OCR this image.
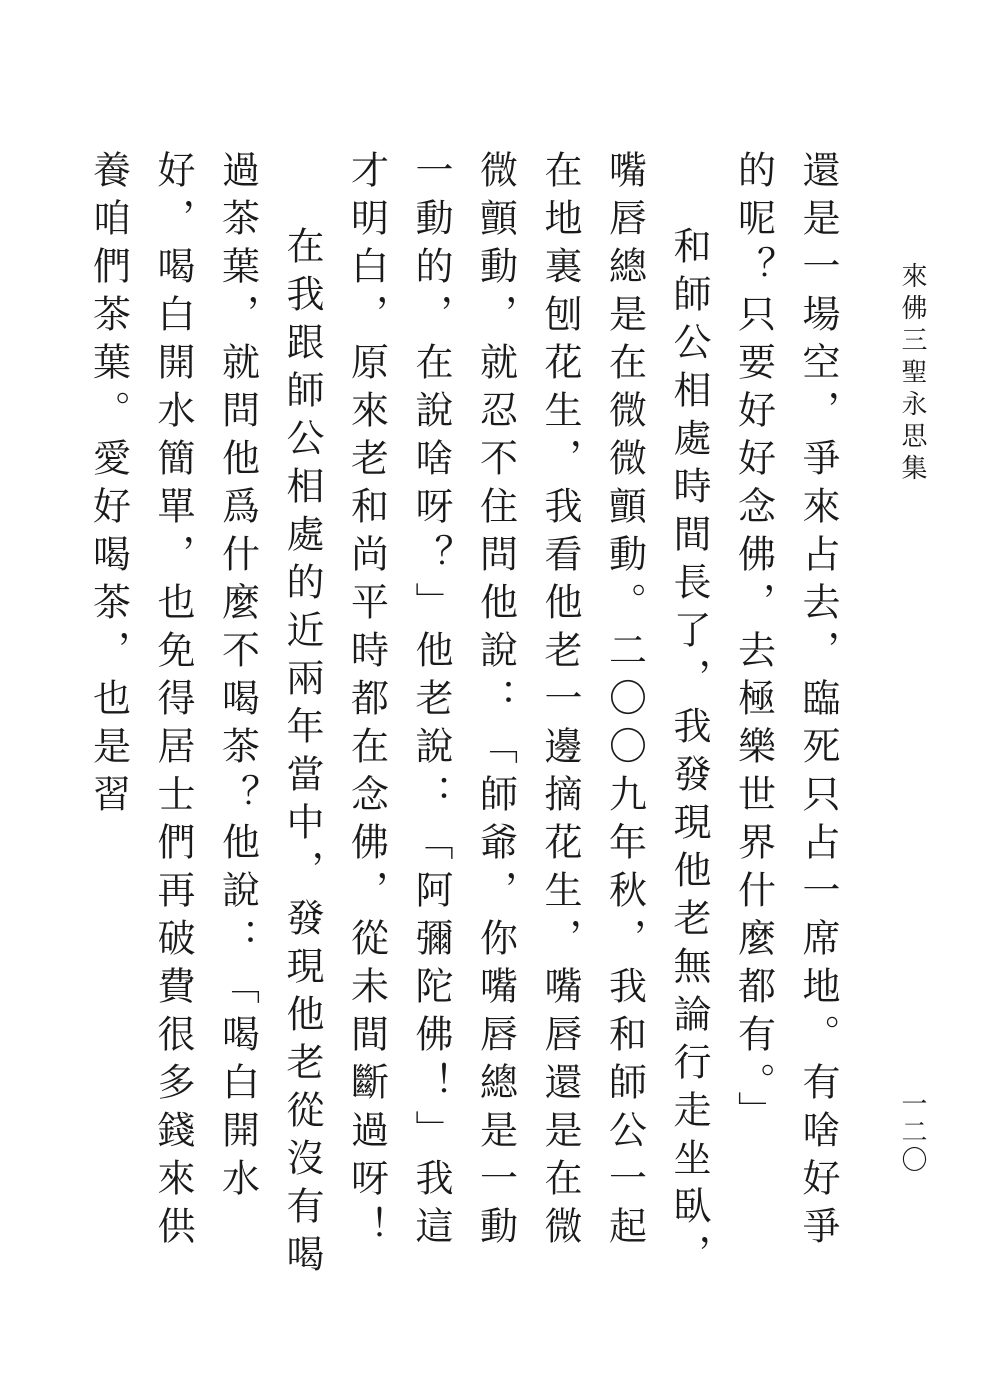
來佛三聖永思集
一二〇

還是一場空，爭來占去，臨死只占一席地。有啥好爭的呢？只要好好念佛，去極樂世界什麼都有。」

和師公相處時間長了，我發現他老無論行走坐臥，嘴唇總是在微微顫動。二〇〇九年秋，我和師公一起在地裏刨花生，我看他老一邊摘花生，嘴唇還是在微微顫動，就忍不住問他說：「師爺，你嘴唇總是一動一動的，在說啥呀？」他老說：「阿彌陀佛！」我這才明白，原來老和尚平時都在念佛，從未間斷過呀！

在我跟師公相處的近兩年當中，發現他老從沒有喝過茶葉，就問他爲什麼不喝茶？他說：「喝白開水好，喝白開水簡單，也免得居士們再破費很多錢來供養咱們茶葉。愛好喝茶，也是習
